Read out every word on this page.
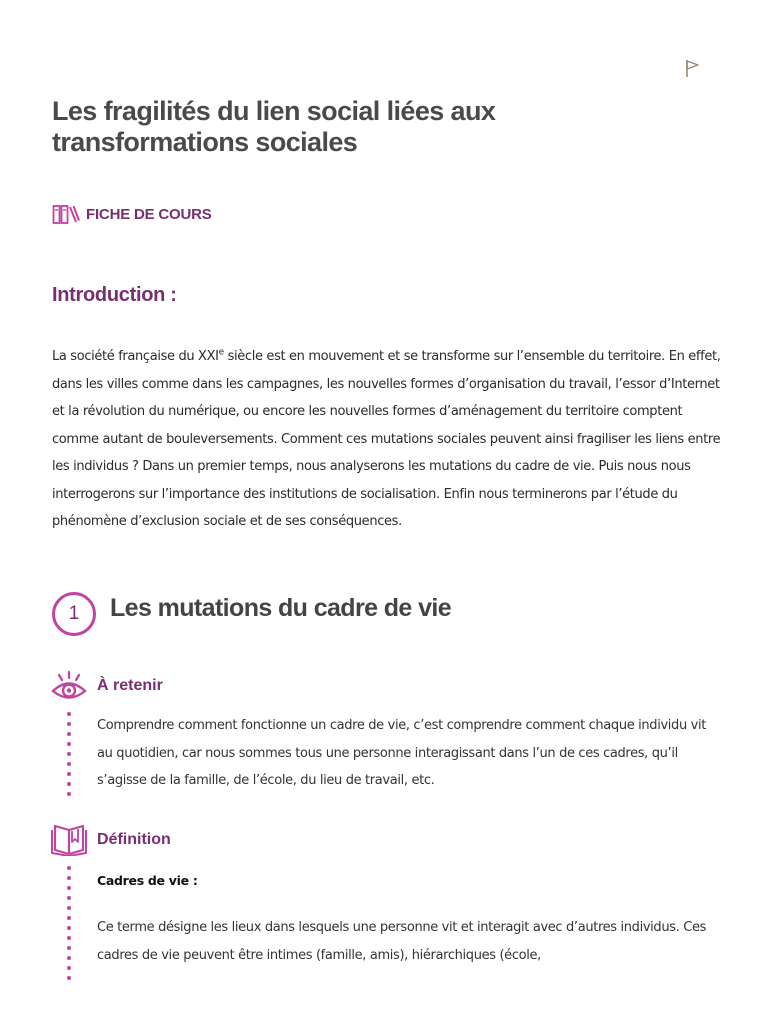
Les fragilités du lien social liées aux transformations sociales
FICHE DE COURS
Introduction :

La société française du XXIe siècle est en mouvement et se transforme sur l’ensemble du territoire. En effet, dans les villes comme dans les campagnes, les nouvelles formes d’organisation du travail, l’essor d’Internet et la révolution du numérique, ou encore les nouvelles formes d’aménagement du territoire comptent comme autant de bouleversements. Comment ces mutations sociales peuvent ainsi fragiliser les liens entre les individus ? Dans un premier temps, nous analyserons les mutations du cadre de vie. Puis nous nous interrogerons sur l’importance des institutions de socialisation. Enfin nous terminerons par l’étude du phénomène d’exclusion sociale et de ses conséquences.

1	Les mutations du cadre de vie
À retenir

Comprendre comment fonctionne un cadre de vie, c’est comprendre comment chaque individu vit au quotidien, car nous sommes tous une personne interagissant dans l’un de ces cadres, qu’il s’agisse de la famille, de l’école, du lieu de travail, etc.

Définition

Cadres de vie :

Ce terme désigne les lieux dans lesquels une personne vit et interagit avec d’autres individus. Ces cadres de vie peuvent être intimes (famille, amis), hiérarchiques (école,
